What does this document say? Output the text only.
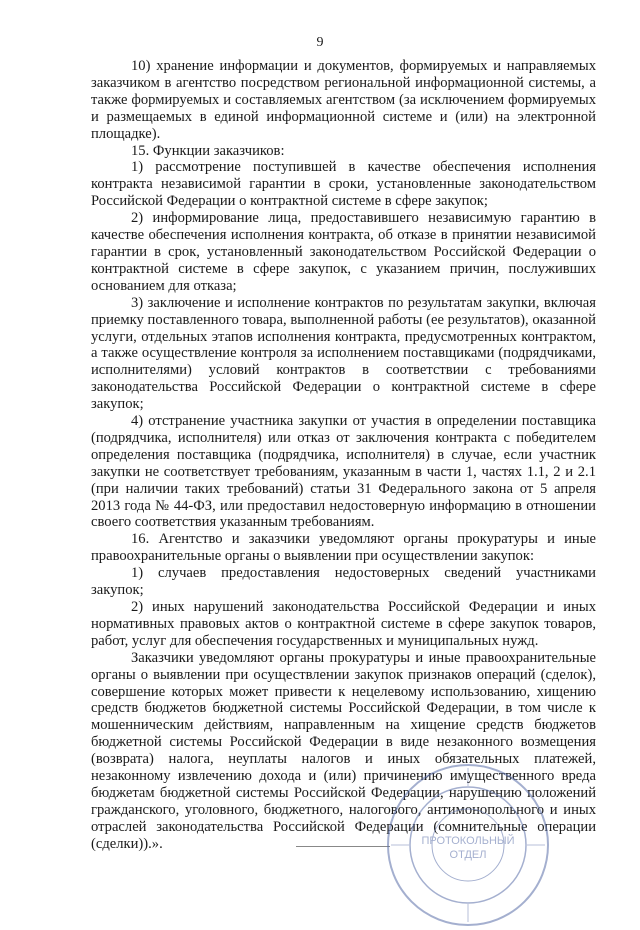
9

10) хранение информации и документов, формируемых и направляемых заказчиком в агентство посредством региональной информационной системы, а также формируемых и составляемых агентством (за исключением формируемых и размещаемых в единой информационной системе и (или) на электронной площадке).

15. Функции заказчиков:

1) рассмотрение поступившей в качестве обеспечения исполнения контракта независимой гарантии в сроки, установленные законодательством Российской Федерации о контрактной системе в сфере закупок;

2) информирование лица, предоставившего независимую гарантию в качестве обеспечения исполнения контракта, об отказе в принятии независимой гарантии в срок, установленный законодательством Российской Федерации о контрактной системе в сфере закупок, с указанием причин, послуживших основанием для отказа;

3) заключение и исполнение контрактов по результатам закупки, включая приемку поставленного товара, выполненной работы (ее результатов), оказанной услуги, отдельных этапов исполнения контракта, предусмотренных контрактом, а также осуществление контроля за исполнением поставщиками (подрядчиками, исполнителями) условий контрактов в соответствии с требованиями законодательства Российской Федерации о контрактной системе в сфере закупок;

4) отстранение участника закупки от участия в определении поставщика (подрядчика, исполнителя) или отказ от заключения контракта с победителем определения поставщика (подрядчика, исполнителя) в случае, если участник закупки не соответствует требованиям, указанным в части 1, частях 1.1, 2 и 2.1 (при наличии таких требований) статьи 31 Федерального закона от 5 апреля 2013 года № 44-ФЗ, или предоставил недостоверную информацию в отношении своего соответствия указанным требованиям.

16. Агентство и заказчики уведомляют органы прокуратуры и иные правоохранительные органы о выявлении при осуществлении закупок:

1) случаев предоставления недостоверных сведений участниками закупок;

2) иных нарушений законодательства Российской Федерации и иных нормативных правовых актов о контрактной системе в сфере закупок товаров, работ, услуг для обеспечения государственных и муниципальных нужд.

Заказчики уведомляют органы прокуратуры и иные правоохранительные органы о выявлении при осуществлении закупок признаков операций (сделок), совершение которых может привести к нецелевому использованию, хищению средств бюджетов бюджетной системы Российской Федерации, в том числе к мошенническим действиям, направленным на хищение средств бюджетов бюджетной системы Российской Федерации в виде незаконного возмещения (возврата) налога, неуплаты налогов и иных обязательных платежей, незаконному извлечению дохода и (или) причинению имущественного вреда бюджетам бюджетной системы Российской Федерации, нарушению положений гражданского, уголовного, бюджетного, налогового, антимонопольного и иных отраслей законодательства Российской Федерации (сомнительные операции (сделки)).».	ПРОТОКОЛЬНЫЙ
ОТДЕЛ
